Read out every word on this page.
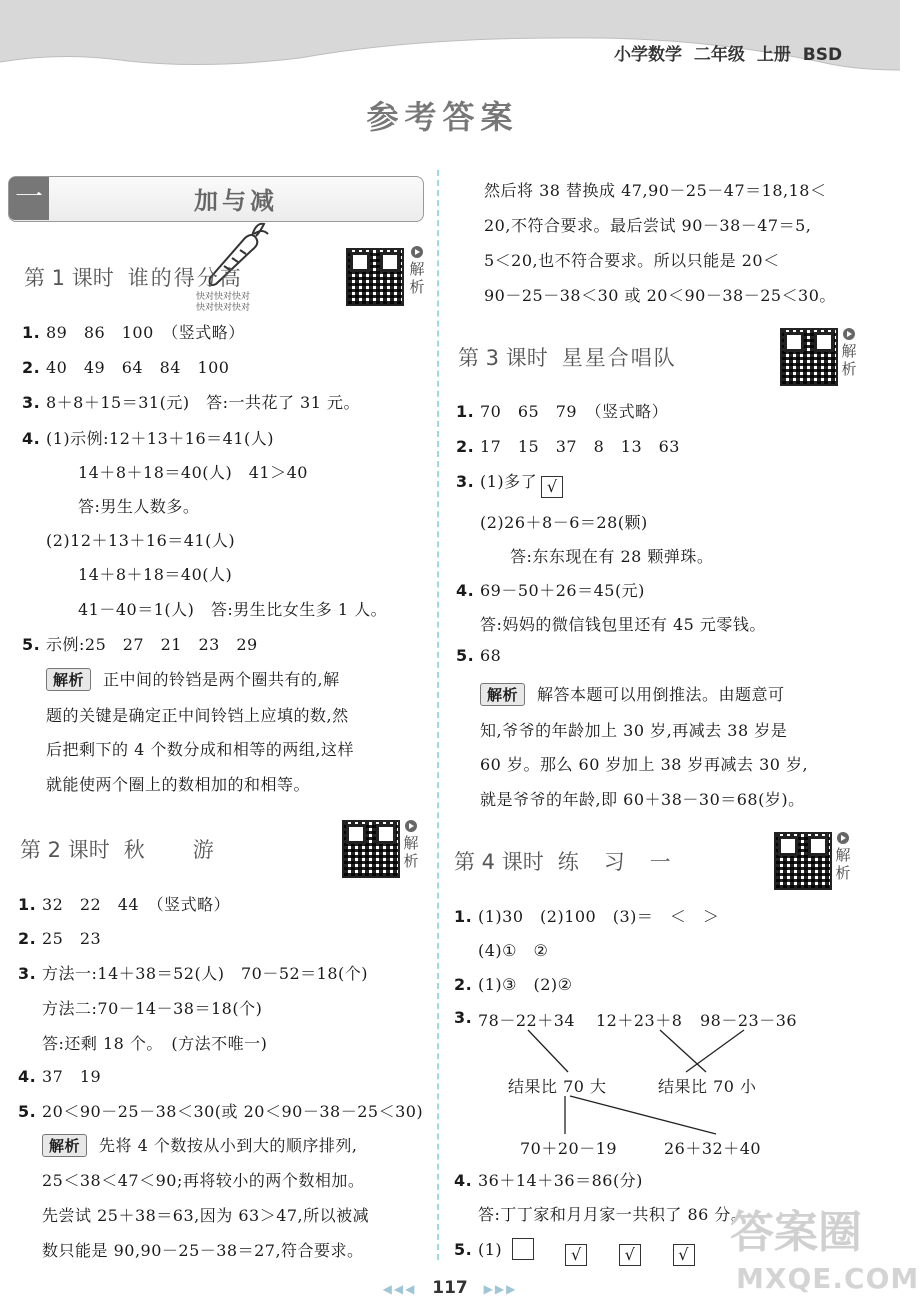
小学数学 二年级 上册 BSD
参考答案
一	加与减
快对快对快对
快对快对快对
第 1 课时 谁的得分高	解析
1. 89　86　100　（竖式略）
2. 40　49　64　84　100
3. 8＋8＋15＝31(元)　答:一共花了 31 元。
4. (1)示例:12＋13＋16＝41(人)
14＋8＋18＝40(人)　41＞40
答:男生人数多。
(2)12＋13＋16＝41(人)
14＋8＋18＝40(人)
41－40＝1(人)　答:男生比女生多 1 人。
5. 示例:25　27　21　23　29
解析 正中间的铃铛是两个圈共有的,解
题的关键是确定正中间铃铛上应填的数,然
后把剩下的 4 个数分成和相等的两组,这样
就能使两个圈上的数相加的和相等。
第 2 课时 秋　　游	解析
1. 32　22　44　（竖式略）
2. 25　23
3. 方法一:14＋38＝52(人)　70－52＝18(个)
方法二:70－14－38＝18(个)
答:还剩 18 个。　(方法不唯一)
4. 37　19
5. 20＜90－25－38＜30(或 20＜90－38－25＜30)
解析 先将 4 个数按从小到大的顺序排列,
25＜38＜47＜90;再将较小的两个数相加。
先尝试 25＋38＝63,因为 63＞47,所以被减
数只能是 90,90－25－38＝27,符合要求。
然后将 38 替换成 47,90－25－47＝18,18＜
20,不符合要求。最后尝试 90－38－47＝5,
5＜20,也不符合要求。所以只能是 20＜
90－25－38＜30 或 20＜90－38－25＜30。
第 3 课时 星星合唱队	解析
1. 70　65　79　（竖式略）
2. 17　15　37　8　13　63
3. (1)多了 √
(2)26＋8－6＝28(颗)
答:东东现在有 28 颗弹珠。
4. 69－50＋26＝45(元)
答:妈妈的微信钱包里还有 45 元零钱。
5. 68
解析 解答本题可以用倒推法。由题意可
知,爷爷的年龄加上 30 岁,再减去 38 岁是
60 岁。那么 60 岁加上 38 岁再减去 30 岁,
就是爷爷的年龄,即 60＋38－30＝68(岁)。
第 4 课时 练　习　一	解析
1. (1)30　(2)100　(3)＝　＜　＞
(4)①　②
2. (1)③　(2)②
3. 78－22＋34 12＋23＋8 98－23－36
结果比 70 大	结果比 70 小
70＋20－19	26＋32＋40
4. 36＋14＋36＝86(分)
答:丁丁家和月月家一共积了 86 分。
5. (1)	√	√	√
◀◀◀ 117 ▶▶▶
答案圈
MXQE.COM
